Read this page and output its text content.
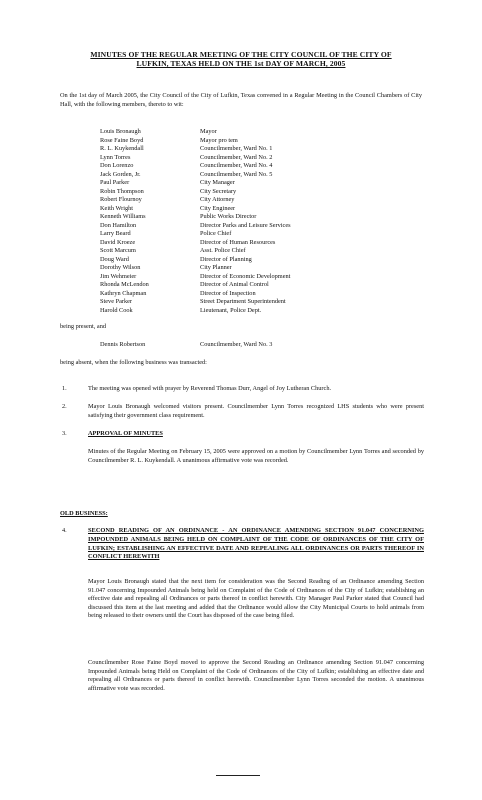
MINUTES OF THE REGULAR MEETING OF THE CITY COUNCIL OF THE CITY OF
LUFKIN, TEXAS HELD ON THE 1st DAY OF MARCH, 2005
On the 1st day of March 2005, the City Council of the City of Lufkin, Texas convened in a Regular Meeting in the Council Chambers of City Hall, with the following members, thereto to wit:
Louis Bronaugh	Mayor
Rose Faine Boyd	Mayor pro tem
R. L. Kuykendall	Councilmember, Ward No. 1
Lynn Torres	Councilmember, Ward No. 2
Don Lorenzo	Councilmember, Ward No. 4
Jack Gorden, Jr.	Councilmember, Ward No. 5
Paul Parker	City Manager
Robin Thompson	City Secretary
Robert Flournoy	City Attorney
Keith Wright	City Engineer
Kenneth Williams	Public Works Director
Don Hamilton	Director Parks and Leisure Services
Larry Beard	Police Chief
David Kroeze	Director of Human Resources
Scott Marcum	Asst. Police Chief
Doug Ward	Director of Planning
Dorothy Wilson	City Planner
Jim Wehmeier	Director of Economic Development
Rhonda McLendon	Director of Animal Control
Kathryn Chapman	Director of Inspection
Steve Parker	Street Department Superintendent
Harold Cook	Lieutenant, Police Dept.
being present, and
Dennis Robertson	Councilmember, Ward No. 3
being absent, when the following business was transacted:
1.	The meeting was opened with prayer by Reverend Thomas Durr, Angel of Joy Lutheran Church.
2.	Mayor Louis Bronaugh welcomed visitors present. Councilmember Lynn Torres recognized LHS students who were present satisfying their government class requirement.
3.	APPROVAL OF MINUTES
Minutes of the Regular Meeting on February 15, 2005 were approved on a motion by Councilmember Lynn Torres and seconded by Councilmember R. L. Kuykendall. A unanimous affirmative vote was recorded.
OLD BUSINESS:
4.	SECOND READING OF AN ORDINANCE - AN ORDINANCE AMENDING SECTION 91.047 CONCERNING IMPOUNDED ANIMALS BEING HELD ON COMPLAINT OF THE CODE OF ORDINANCES OF THE CITY OF LUFKIN; ESTABLISHING AN EFFECTIVE DATE AND REPEALING ALL ORDINANCES OR PARTS THEREOF IN CONFLICT HEREWITH
Mayor Louis Bronaugh stated that the next item for consideration was the Second Reading of an Ordinance amending Section 91.047 concerning Impounded Animals being held on Complaint of the Code of Ordinances of the City of Lufkin; establishing an effective date and repealing all Ordinances or parts thereof in conflict herewith. City Manager Paul Parker stated that Council had discussed this item at the last meeting and added that the Ordinance would allow the City Municipal Courts to hold animals from being released to their owners until the Court has disposed of the case being filed.
Councilmember Rose Faine Boyd moved to approve the Second Reading an Ordinance amending Section 91.047 concerning Impounded Animals being Held on Complaint of the Code of Ordinances of the City of Lufkin; establishing an effective date and repealing all Ordinances or parts thereof in conflict herewith. Councilmember Lynn Torres seconded the motion. A unanimous affirmative vote was recorded.
